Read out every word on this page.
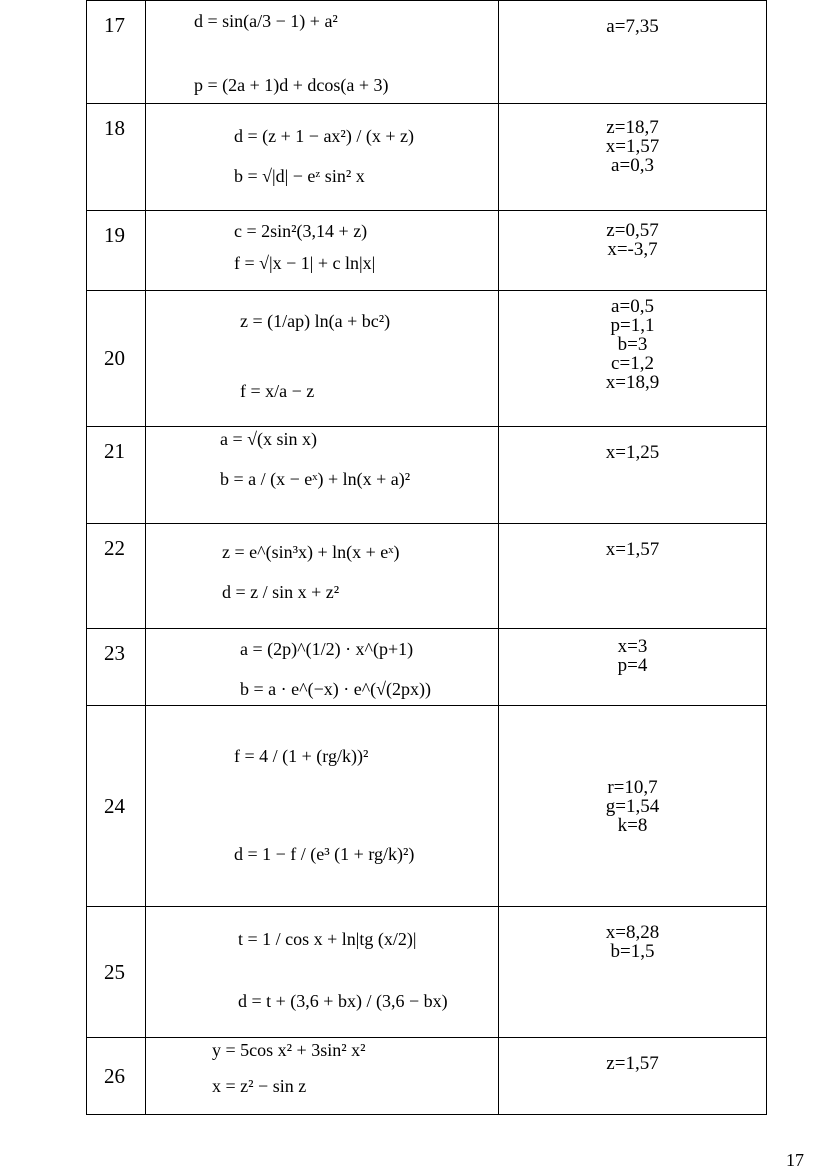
17	d = sin(a/3 − 1) + a²
p = (2a + 1)d + dcos(a + 3)	a=7,35
18	d = (z + 1 − ax²) / (x + z)
b = √|d| − eᶻ sin² x	z=18,7
x=1,57
a=0,3
19	c = 2sin²(3,14 + z)
f = √|x − 1| + c ln|x|	z=0,57
x=-3,7
20	z = (1/ap) ln(a + bc²)
f = x/a − z	a=0,5
p=1,1
b=3
c=1,2
x=18,9
21	a = √(x sin x)
b = a / (x − eˣ) + ln(x + a)²	x=1,25
22	z = e^(sin³x) + ln(x + eˣ)
d = z / sin x + z²	x=1,57
23	a = (2p)^(1/2) · x^(p+1)
b = a · e^(−x) · e^(√(2px))	x=3
p=4
24	f = 4 / (1 + (rg/k))²
d = 1 − f / (e³ (1 + rg/k)²)	r=10,7
g=1,54
k=8
25	t = 1 / cos x + ln|tg (x/2)|
d = t + (3,6 + bx) / (3,6 − bx)	x=8,28
b=1,5
26	y = 5cos x² + 3sin² x²
x = z² − sin z	z=1,57
17
